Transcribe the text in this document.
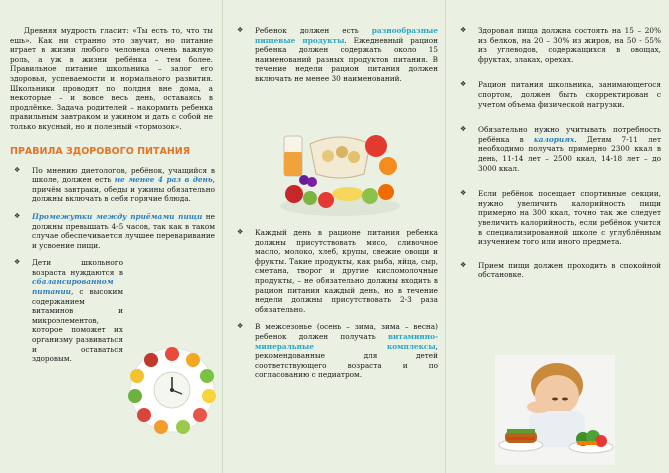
Древняя мудрость гласит: «Ты есть то, что ты ешь». Как ни странно это звучит, но питание играет в жизни любого человека очень важную роль, а уж в жизни ребёнка – тем более. Правильное питание школьника – залог его здоровья, успеваемости и нормального развития. Школьники проводят по полдня вне дома, а некоторые – и вовсе весь день, оставаясь в продлёнке. Задача родителей – накормить ребенка правильным завтраком и ужином и дать с собой не только вкусный, но и полезный «тормозок».

ПРАВИЛА ЗДОРОВОГО ПИТАНИЯ
❖ По мнению диетологов, ребёнок, учащийся в школе, должен есть не менее 4 раз в день, причём завтраки, обеды и ужины обязательно должны включать в себя горячие блюда.
❖ Промежутки между приёмами пищи не должны превышать 4-5 часов, так как в таком случае обеспечивается лучшее переваривание и усвоение пищи.
❖ Дети школьного возраста нуждаются в сбалансированном питании, с высоким содержанием витаминов и микроэлементов, которое поможет их организму развиваться и оставаться здоровым.
❖ Ребенок должен есть разнообразные пищевые продукты. Ежедневный рацион ребенка должен содержать около 15 наименований разных продуктов питания. В течение недели рацион питания должен включать не менее 30 наименований.
❖ Каждый день в рационе питания ребенка должны присутствовать мясо, сливочное масло, молоко, хлеб, крупы, свежие овощи и фрукты. Такие продукты, как рыба, яйца, сыр, сметана, творог и другие кисломолочные продукты, – не обязательно должны входить в рацион питания каждый день, но в течение недели должны присутствовать 2-3 раза обязательно.
❖ В межсезонье (осень – зима, зима – весна) ребенок должен получать витаминно-минеральные комплексы, рекомендованные для детей соответствующего возраста и по согласованию с педиатром.
❖ Здоровая пища должна состоять на 15 – 20% из белков, на 20 – 30% из жиров, на 50 - 55% из углеводов, содержащихся в овощах, фруктах, злаках, орехах.
❖ Рацион питания школьника, занимающегося спортом, должен быть скорректирован с учетом объема физической нагрузки.
❖ Обязательно нужно учитывать потребность ребёнка в калориях. Детям 7-11 лет необходимо получать примерно 2300 ккал в день, 11-14 лет – 2500 ккал, 14-18 лет – до 3000 ккал.
❖ Если ребёнок посещает спортивные секции, нужно увеличить калорийность пищи примерно на 300 ккал, точно так же следует увеличить калорийность, если ребёнок учится в специализированной школе с углублённым изучением того или иного предмета.
❖ Прием пищи должен проходить в спокойной обстановке.
